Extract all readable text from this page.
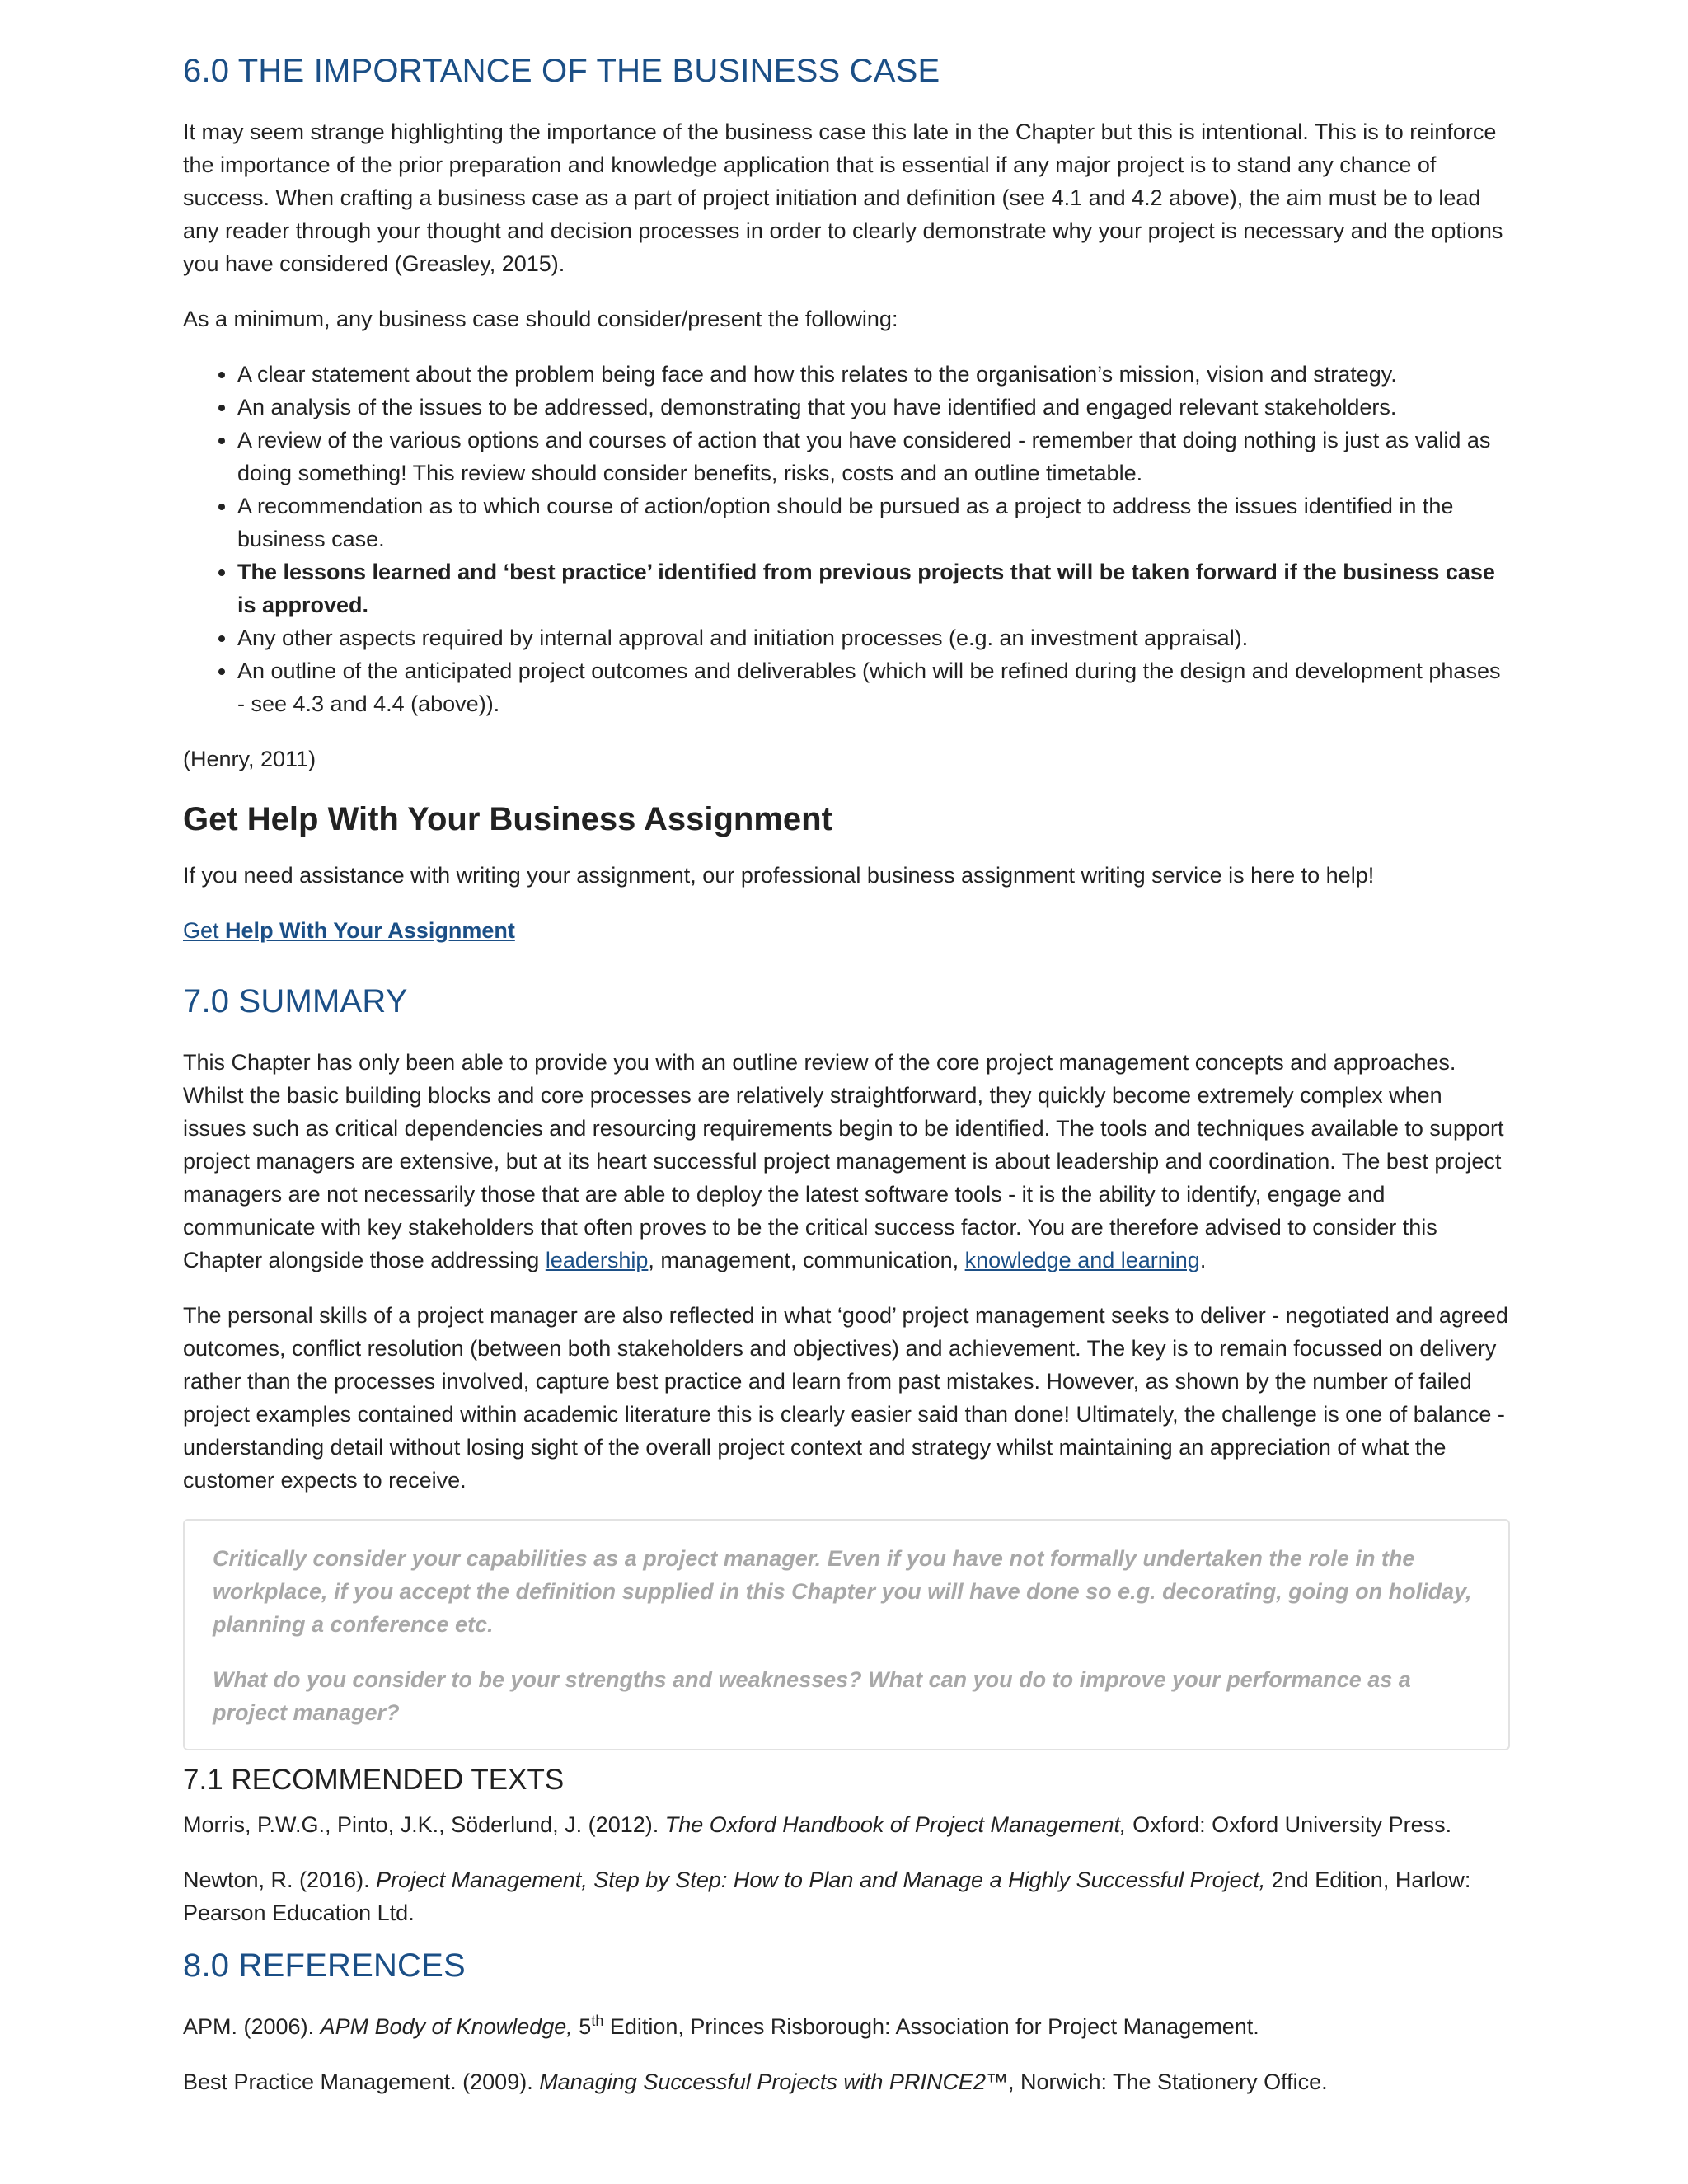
6.0 THE IMPORTANCE OF THE BUSINESS CASE

It may seem strange highlighting the importance of the business case this late in the Chapter but this is intentional. This is to reinforce the importance of the prior preparation and knowledge application that is essential if any major project is to stand any chance of success. When crafting a business case as a part of project initiation and definition (see 4.1 and 4.2 above), the aim must be to lead any reader through your thought and decision processes in order to clearly demonstrate why your project is necessary and the options you have considered (Greasley, 2015).

As a minimum, any business case should consider/present the following:

• A clear statement about the problem being face and how this relates to the organisation’s mission, vision and strategy.
• An analysis of the issues to be addressed, demonstrating that you have identified and engaged relevant stakeholders.
• A review of the various options and courses of action that you have considered - remember that doing nothing is just as valid as doing something! This review should consider benefits, risks, costs and an outline timetable.
• A recommendation as to which course of action/option should be pursued as a project to address the issues identified in the business case.
• The lessons learned and ‘best practice’ identified from previous projects that will be taken forward if the business case is approved.
• Any other aspects required by internal approval and initiation processes (e.g. an investment appraisal).
• An outline of the anticipated project outcomes and deliverables (which will be refined during the design and development phases - see 4.3 and 4.4 (above)).

(Henry, 2011)

Get Help With Your Business Assignment

If you need assistance with writing your assignment, our professional business assignment writing service is here to help!

Get Help With Your Assignment

7.0 SUMMARY

This Chapter has only been able to provide you with an outline review of the core project management concepts and approaches. Whilst the basic building blocks and core processes are relatively straightforward, they quickly become extremely complex when issues such as critical dependencies and resourcing requirements begin to be identified. The tools and techniques available to support project managers are extensive, but at its heart successful project management is about leadership and coordination. The best project managers are not necessarily those that are able to deploy the latest software tools - it is the ability to identify, engage and communicate with key stakeholders that often proves to be the critical success factor. You are therefore advised to consider this Chapter alongside those addressing leadership, management, communication, knowledge and learning.

The personal skills of a project manager are also reflected in what ‘good’ project management seeks to deliver - negotiated and agreed outcomes, conflict resolution (between both stakeholders and objectives) and achievement. The key is to remain focussed on delivery rather than the processes involved, capture best practice and learn from past mistakes. However, as shown by the number of failed project examples contained within academic literature this is clearly easier said than done! Ultimately, the challenge is one of balance - understanding detail without losing sight of the overall project context and strategy whilst maintaining an appreciation of what the customer expects to receive.

Critically consider your capabilities as a project manager. Even if you have not formally undertaken the role in the workplace, if you accept the definition supplied in this Chapter you will have done so e.g. decorating, going on holiday, planning a conference etc.

What do you consider to be your strengths and weaknesses? What can you do to improve your performance as a project manager?

7.1 RECOMMENDED TEXTS

Morris, P.W.G., Pinto, J.K., Söderlund, J. (2012). The Oxford Handbook of Project Management, Oxford: Oxford University Press.

Newton, R. (2016). Project Management, Step by Step: How to Plan and Manage a Highly Successful Project, 2nd Edition, Harlow: Pearson Education Ltd.

8.0 REFERENCES

APM. (2006). APM Body of Knowledge, 5th Edition, Princes Risborough: Association for Project Management.

Best Practice Management. (2009). Managing Successful Projects with PRINCE2™, Norwich: The Stationery Office.
